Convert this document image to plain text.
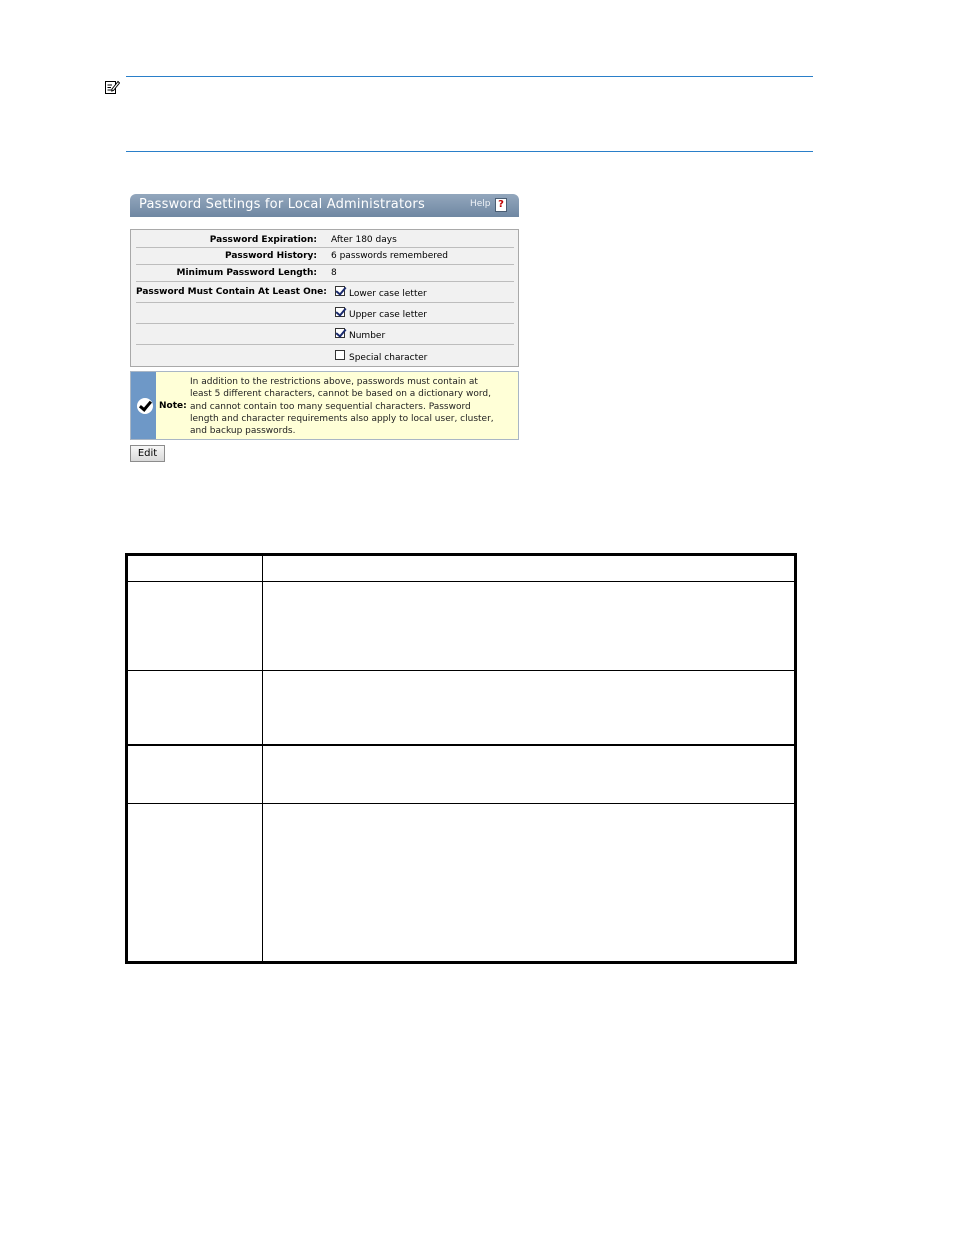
Password Settings for Local Administrators	Help ?
Password Expiration: After 180 days
Password History: 6 passwords remembered
Minimum Password Length: 8
Password Must Contain At Least One: Lower case letter
Upper case letter
Number
Special character
Note:
In addition to the restrictions above, passwords must contain at
least 5 different characters, cannot be based on a dictionary word,
and cannot contain too many sequential characters. Password
length and character requirements also apply to local user, cluster,
and backup passwords.
Edit
